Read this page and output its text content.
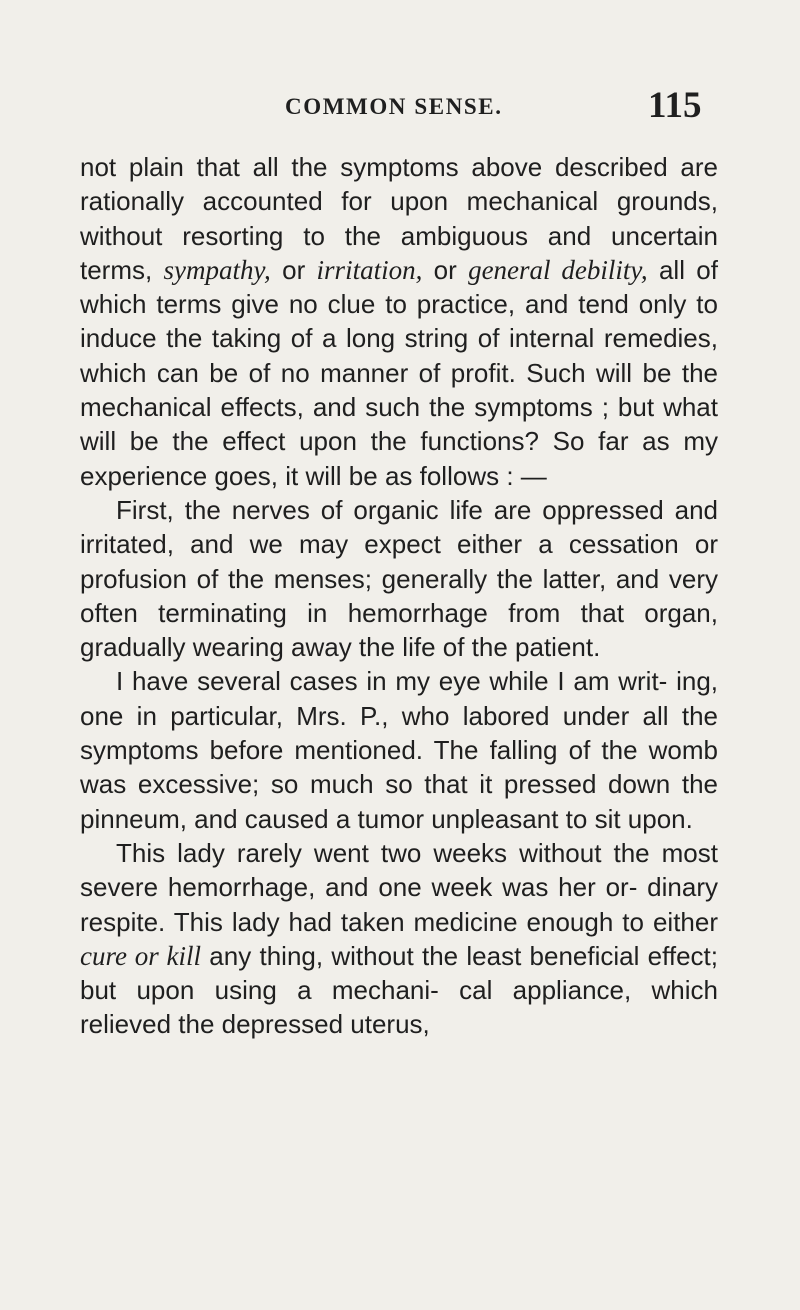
COMMON SENSE.	115

not plain that all the symptoms above described are rationally accounted for upon mechanical grounds, without resorting to the ambiguous and uncertain terms, sympathy, or irritation, or general debility, all of which terms give no clue to practice, and tend only to induce the taking of a long string of internal remedies, which can be of no manner of profit. Such will be the mechanical effects, and such the symptoms ; but what will be the effect upon the functions? So far as my experience goes, it will be as follows : —

First, the nerves of organic life are oppressed and irritated, and we may expect either a cessation or profusion of the menses; generally the latter, and very often terminating in hemorrhage from that organ, gradually wearing away the life of the patient.

I have several cases in my eye while I am writ- ing, one in particular, Mrs. P., who labored under all the symptoms before mentioned. The falling of the womb was excessive; so much so that it pressed down the pinneum, and caused a tumor unpleasant to sit upon.

This lady rarely went two weeks without the most severe hemorrhage, and one week was her or- dinary respite. This lady had taken medicine enough to either cure or kill any thing, without the least beneficial effect; but upon using a mechani- cal appliance, which relieved the depressed uterus,
